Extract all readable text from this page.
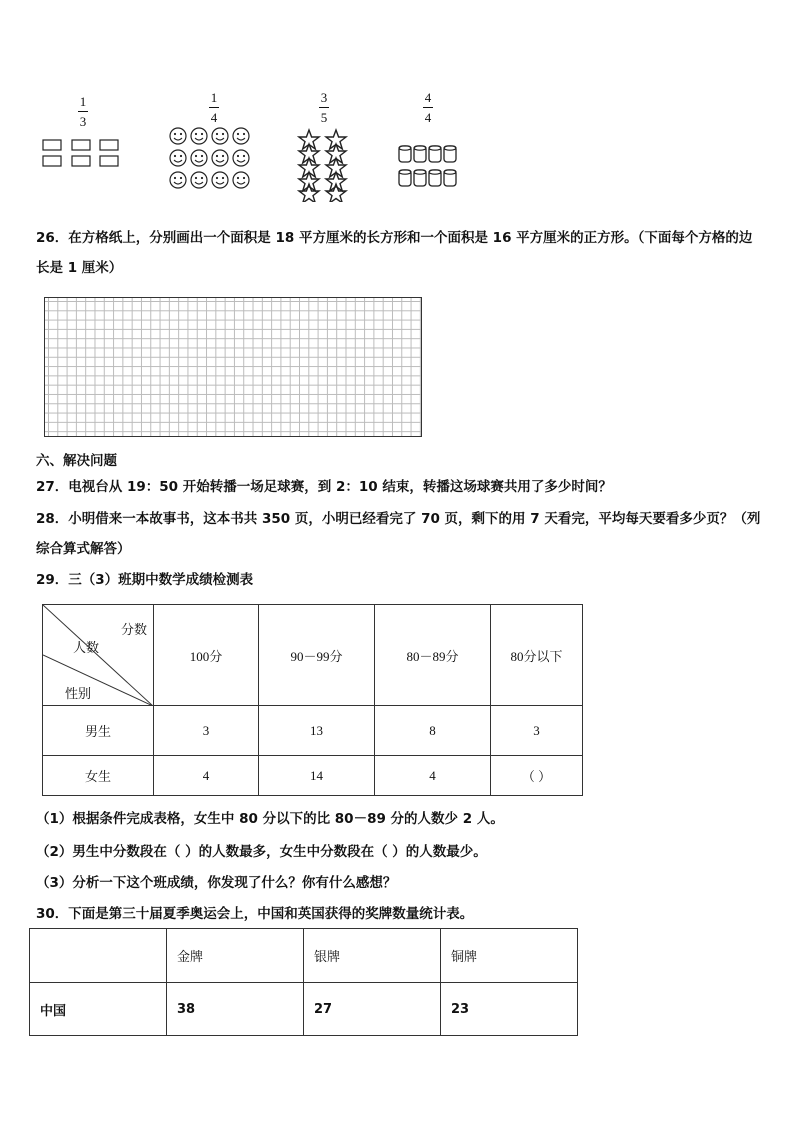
1
3
1
4
3
5
4
4
26．在方格纸上，分别画出一个面积是 18 平方厘米的长方形和一个面积是 16 平方厘米的正方形。（下面每个方格的边
长是 1 厘米）
六、解决问题
27．电视台从 19：50 开始转播一场足球赛，到 2：10 结束，转播这场球赛共用了多少时间？
28．小明借来一本故事书，这本书共 350 页，小明已经看完了 70 页，剩下的用 7 天看完，平均每天要看多少页？（列
综合算式解答）
29．三（3）班期中数学成绩检测表
分数
人数
性别	100分	90－99分	80－89分	80分以下
男生	3	13	8	3
女生	4	14	4	（ ）
（1）根据条件完成表格，女生中 80 分以下的比 80－89 分的人数少 2 人。
（2）男生中分数段在（ ）的人数最多，女生中分数段在（ ）的人数最少。
（3）分析一下这个班成绩，你发现了什么？你有什么感想？
30．下面是第三十届夏季奥运会上，中国和英国获得的奖牌数量统计表。
	金牌	银牌	铜牌
中国	38	27	23
